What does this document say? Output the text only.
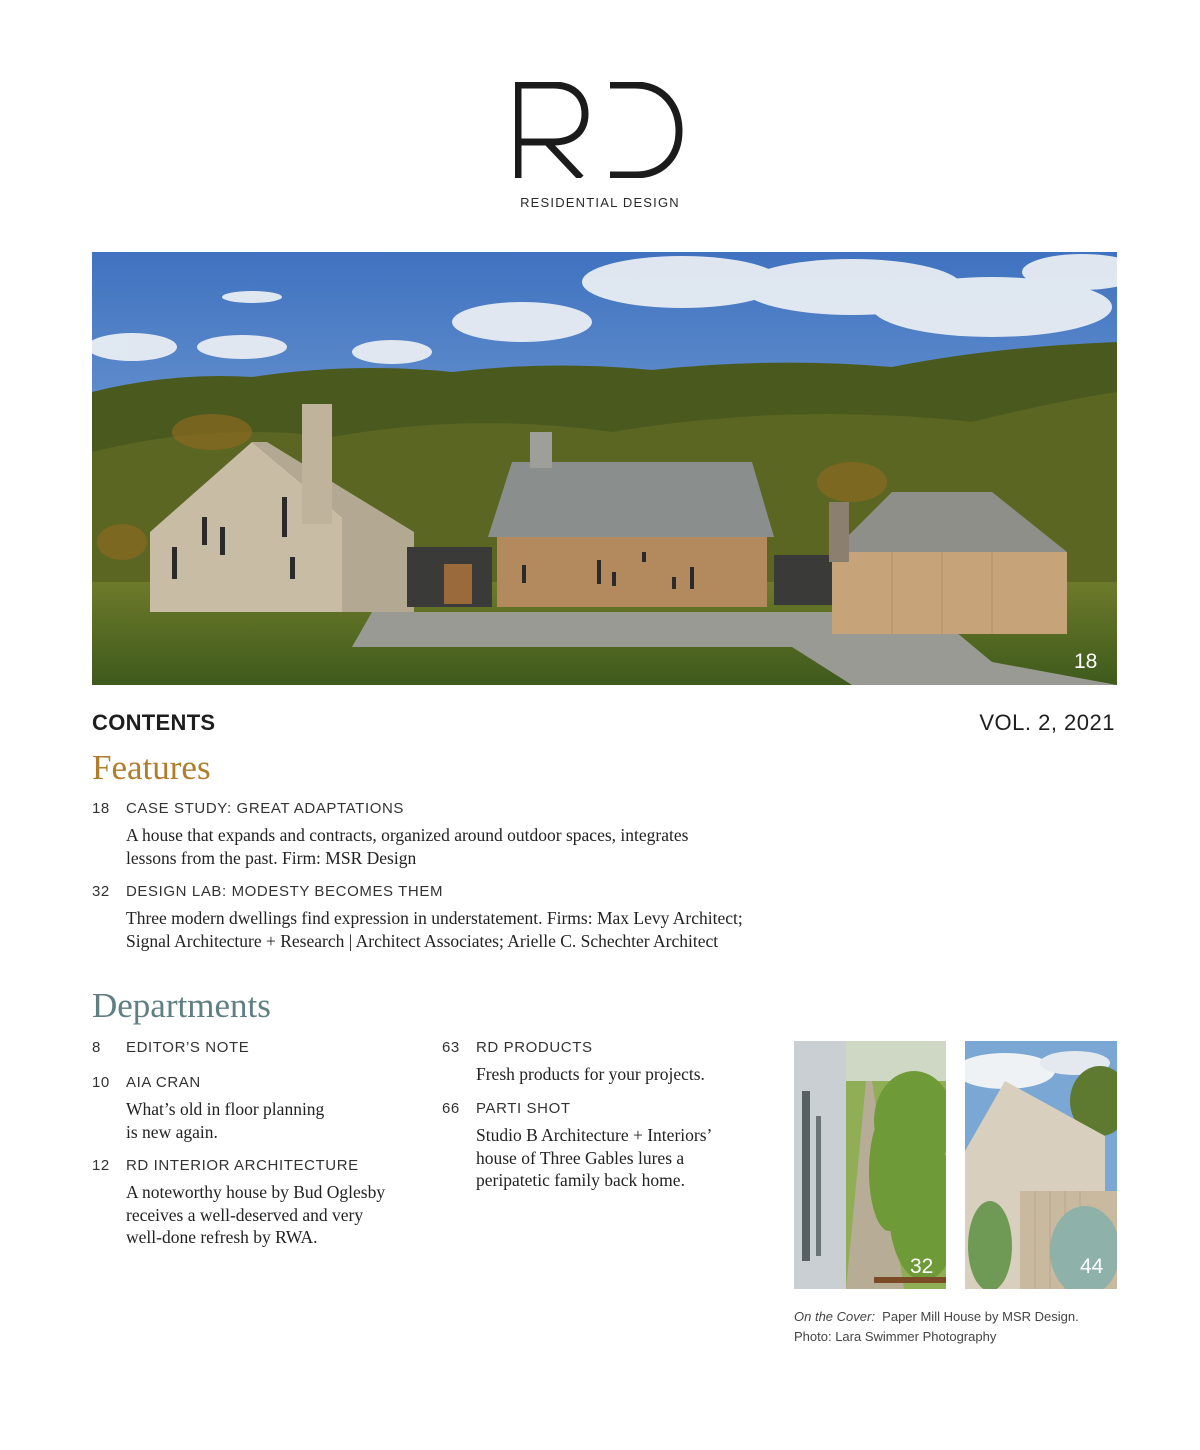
RESIDENTIAL DESIGN
18
CONTENTS	VOL. 2, 2021
Features
18 CASE STUDY: GREAT ADAPTATIONS
A house that expands and contracts, organized around outdoor spaces, integrates
lessons from the past. Firm: MSR Design
32 DESIGN LAB: MODESTY BECOMES THEM
Three modern dwellings find expression in understatement. Firms: Max Levy Architect;
Signal Architecture + Research | Architect Associates; Arielle C. Schechter Architect
Departments
8 EDITOR’S NOTE
10 AIA CRAN
What’s old in floor planning
is new again.
12 RD INTERIOR ARCHITECTURE
A noteworthy house by Bud Oglesby
receives a well-deserved and very
well-done refresh by RWA.
63 RD PRODUCTS
Fresh products for your projects.
66 PARTI SHOT
Studio B Architecture + Interiors’
house of Three Gables lures a
peripatetic family back home.
32	44
On the Cover: Paper Mill House by MSR Design.
Photo: Lara Swimmer Photography
